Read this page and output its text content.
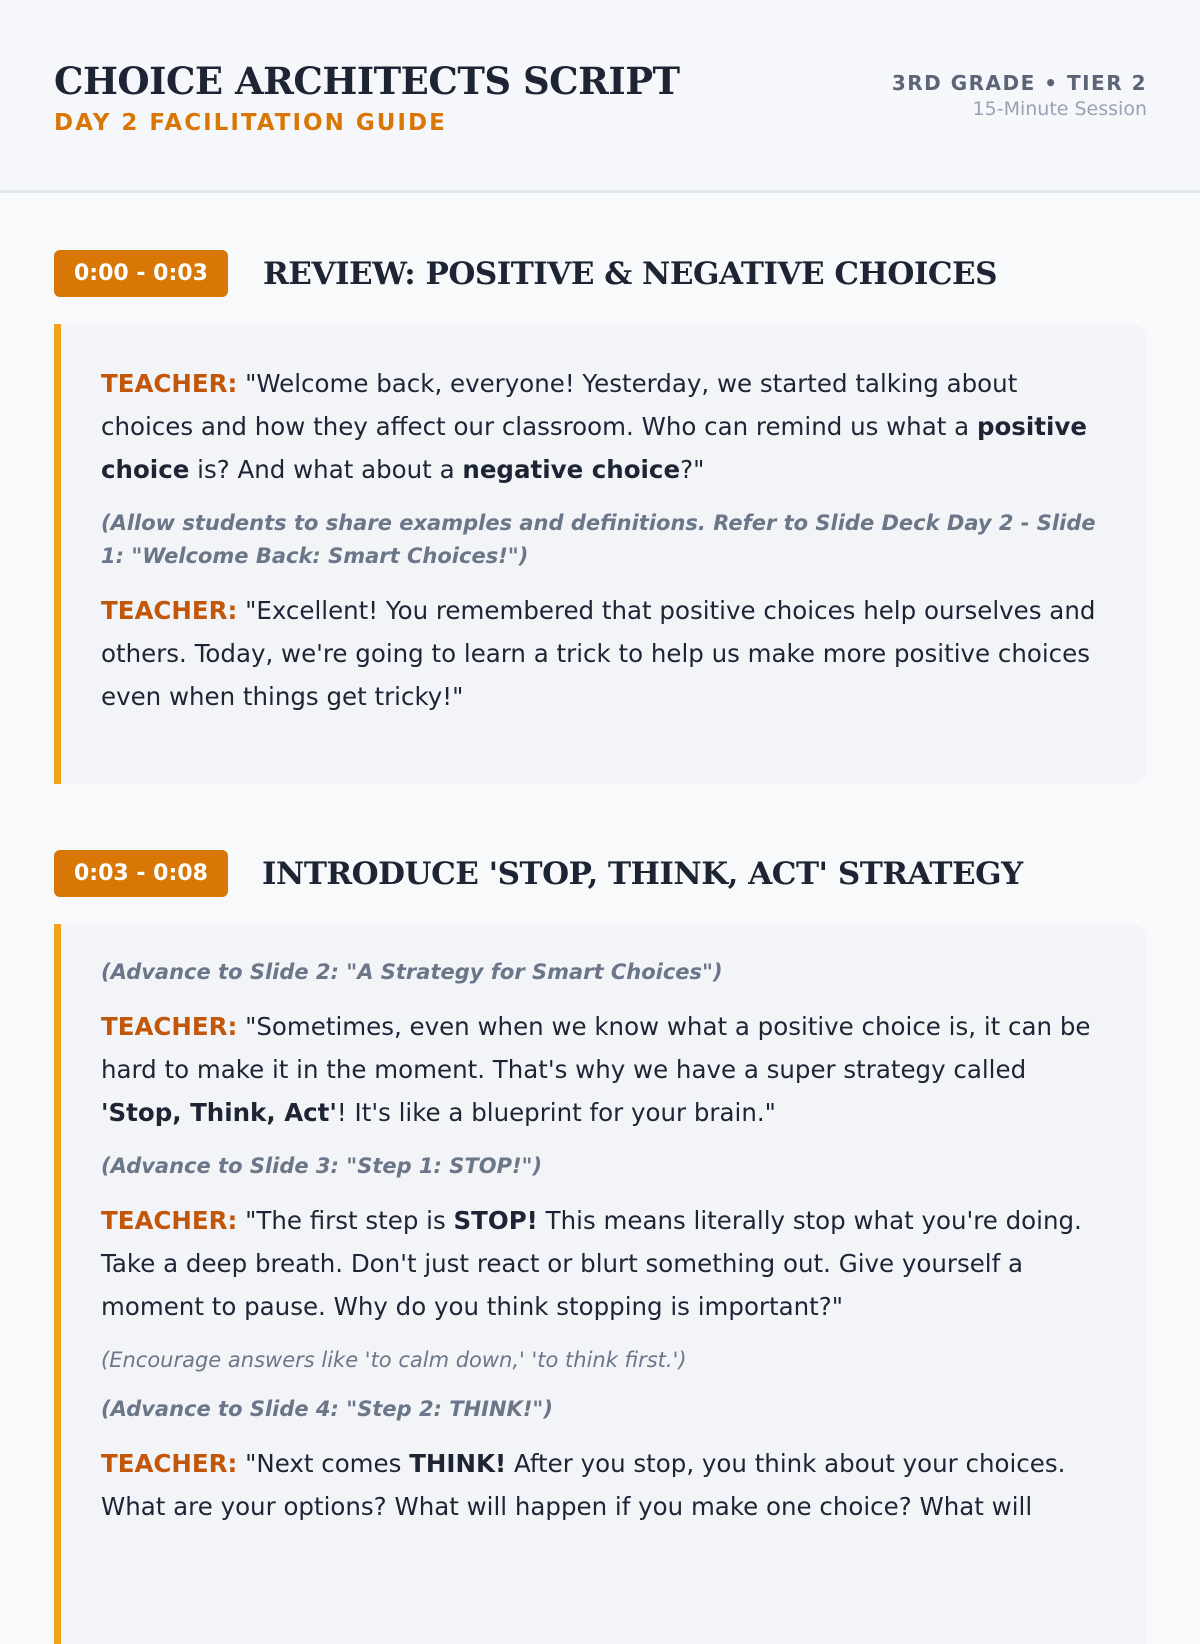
CHOICE ARCHITECTS SCRIPT
DAY 2 FACILITATION GUIDE
3RD GRADE • TIER 2
15-Minute Session
0:00 - 0:03	REVIEW: POSITIVE & NEGATIVE CHOICES

TEACHER: "Welcome back, everyone! Yesterday, we started talking about choices and how they affect our classroom. Who can remind us what a positive choice is? And what about a negative choice?"

(Allow students to share examples and definitions. Refer to Slide Deck Day 2 - Slide 1: "Welcome Back: Smart Choices!")

TEACHER: "Excellent! You remembered that positive choices help ourselves and others. Today, we're going to learn a trick to help us make more positive choices even when things get tricky!"

0:03 - 0:08	INTRODUCE 'STOP, THINK, ACT' STRATEGY

(Advance to Slide 2: "A Strategy for Smart Choices")

TEACHER: "Sometimes, even when we know what a positive choice is, it can be hard to make it in the moment. That's why we have a super strategy called 'Stop, Think, Act'! It's like a blueprint for your brain."

(Advance to Slide 3: "Step 1: STOP!")

TEACHER: "The first step is STOP! This means literally stop what you're doing. Take a deep breath. Don't just react or blurt something out. Give yourself a moment to pause. Why do you think stopping is important?"

(Encourage answers like 'to calm down,' 'to think first.')

(Advance to Slide 4: "Step 2: THINK!")

TEACHER: "Next comes THINK! After you stop, you think about your choices. What are your options? What will happen if you make one choice? What will
